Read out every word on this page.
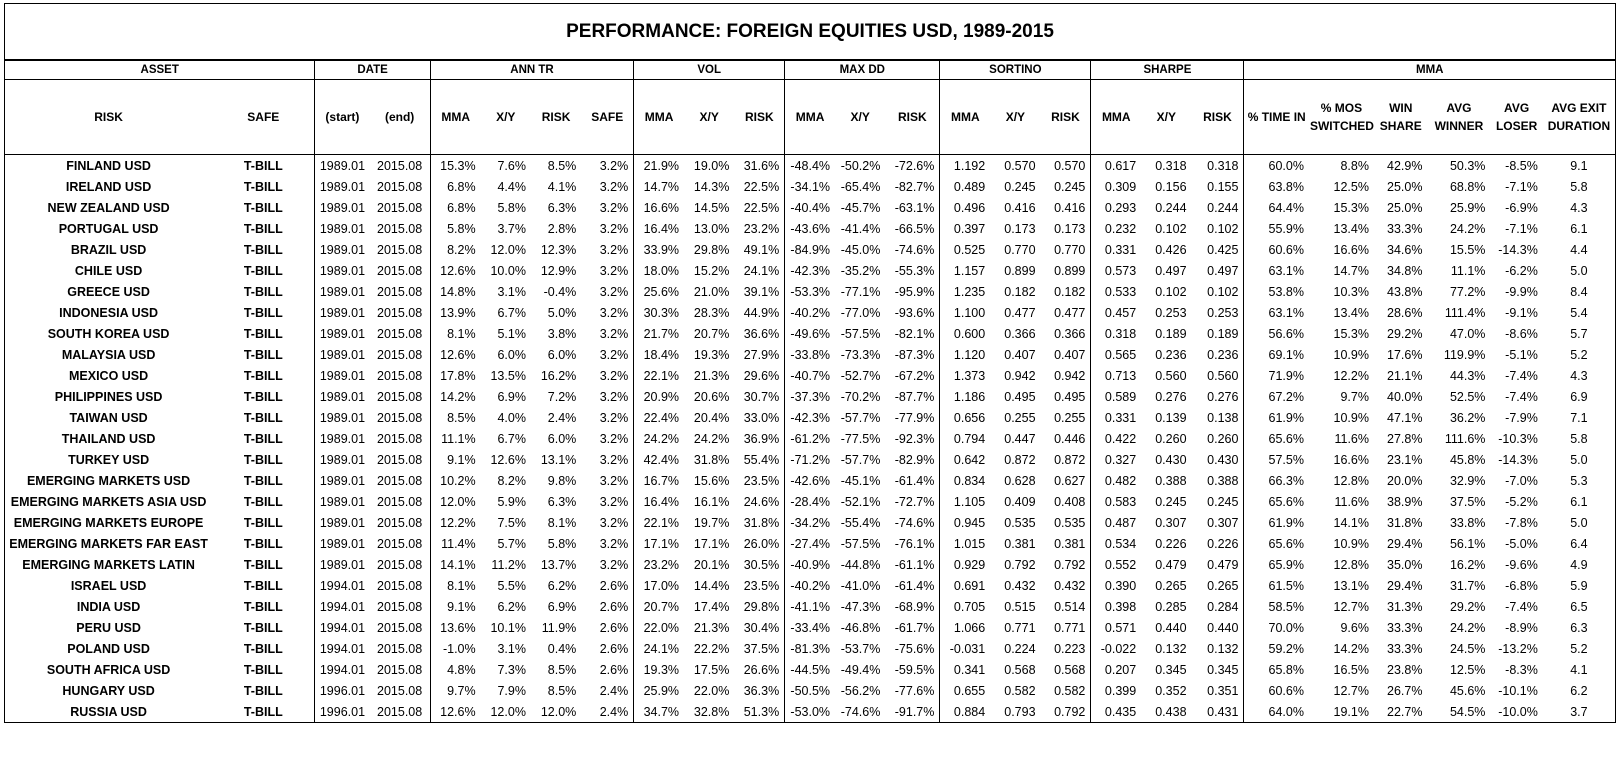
PERFORMANCE: FOREIGN EQUITIES USD, 1989-2015																									
ASSET		DATE		ANN TR				VOL			MAX DD			SORTINO			SHARPE			MMA					
RISK	SAFE	(start)	(end)	MMA	X/Y	RISK	SAFE	MMA	X/Y	RISK	MMA	X/Y	RISK	MMA	X/Y	RISK	MMA	X/Y	RISK	% TIME IN	% MOS SWITCHED	WIN SHARE	AVG WINNER	AVG LOSER	AVG EXIT DURATION
FINLAND USD	T-BILL	1989.01	2015.08	15.3%	7.6%	8.5%	3.2%	21.9%	19.0%	31.6%	-48.4%	-50.2%	-72.6%	1.192	0.570	0.570	0.617	0.318	0.318	60.0%	8.8%	42.9%	50.3%	-8.5%	9.1
IRELAND USD	T-BILL	1989.01	2015.08	6.8%	4.4%	4.1%	3.2%	14.7%	14.3%	22.5%	-34.1%	-65.4%	-82.7%	0.489	0.245	0.245	0.309	0.156	0.155	63.8%	12.5%	25.0%	68.8%	-7.1%	5.8
NEW ZEALAND USD	T-BILL	1989.01	2015.08	6.8%	5.8%	6.3%	3.2%	16.6%	14.5%	22.5%	-40.4%	-45.7%	-63.1%	0.496	0.416	0.416	0.293	0.244	0.244	64.4%	15.3%	25.0%	25.9%	-6.9%	4.3
PORTUGAL USD	T-BILL	1989.01	2015.08	5.8%	3.7%	2.8%	3.2%	16.4%	13.0%	23.2%	-43.6%	-41.4%	-66.5%	0.397	0.173	0.173	0.232	0.102	0.102	55.9%	13.4%	33.3%	24.2%	-7.1%	6.1
BRAZIL USD	T-BILL	1989.01	2015.08	8.2%	12.0%	12.3%	3.2%	33.9%	29.8%	49.1%	-84.9%	-45.0%	-74.6%	0.525	0.770	0.770	0.331	0.426	0.425	60.6%	16.6%	34.6%	15.5%	-14.3%	4.4
CHILE USD	T-BILL	1989.01	2015.08	12.6%	10.0%	12.9%	3.2%	18.0%	15.2%	24.1%	-42.3%	-35.2%	-55.3%	1.157	0.899	0.899	0.573	0.497	0.497	63.1%	14.7%	34.8%	11.1%	-6.2%	5.0
GREECE USD	T-BILL	1989.01	2015.08	14.8%	3.1%	-0.4%	3.2%	25.6%	21.0%	39.1%	-53.3%	-77.1%	-95.9%	1.235	0.182	0.182	0.533	0.102	0.102	53.8%	10.3%	43.8%	77.2%	-9.9%	8.4
INDONESIA USD	T-BILL	1989.01	2015.08	13.9%	6.7%	5.0%	3.2%	30.3%	28.3%	44.9%	-40.2%	-77.0%	-93.6%	1.100	0.477	0.477	0.457	0.253	0.253	63.1%	13.4%	28.6%	111.4%	-9.1%	5.4
SOUTH KOREA USD	T-BILL	1989.01	2015.08	8.1%	5.1%	3.8%	3.2%	21.7%	20.7%	36.6%	-49.6%	-57.5%	-82.1%	0.600	0.366	0.366	0.318	0.189	0.189	56.6%	15.3%	29.2%	47.0%	-8.6%	5.7
MALAYSIA USD	T-BILL	1989.01	2015.08	12.6%	6.0%	6.0%	3.2%	18.4%	19.3%	27.9%	-33.8%	-73.3%	-87.3%	1.120	0.407	0.407	0.565	0.236	0.236	69.1%	10.9%	17.6%	119.9%	-5.1%	5.2
MEXICO USD	T-BILL	1989.01	2015.08	17.8%	13.5%	16.2%	3.2%	22.1%	21.3%	29.6%	-40.7%	-52.7%	-67.2%	1.373	0.942	0.942	0.713	0.560	0.560	71.9%	12.2%	21.1%	44.3%	-7.4%	4.3
PHILIPPINES USD	T-BILL	1989.01	2015.08	14.2%	6.9%	7.2%	3.2%	20.9%	20.6%	30.7%	-37.3%	-70.2%	-87.7%	1.186	0.495	0.495	0.589	0.276	0.276	67.2%	9.7%	40.0%	52.5%	-7.4%	6.9
TAIWAN USD	T-BILL	1989.01	2015.08	8.5%	4.0%	2.4%	3.2%	22.4%	20.4%	33.0%	-42.3%	-57.7%	-77.9%	0.656	0.255	0.255	0.331	0.139	0.138	61.9%	10.9%	47.1%	36.2%	-7.9%	7.1
THAILAND USD	T-BILL	1989.01	2015.08	11.1%	6.7%	6.0%	3.2%	24.2%	24.2%	36.9%	-61.2%	-77.5%	-92.3%	0.794	0.447	0.446	0.422	0.260	0.260	65.6%	11.6%	27.8%	111.6%	-10.3%	5.8
TURKEY USD	T-BILL	1989.01	2015.08	9.1%	12.6%	13.1%	3.2%	42.4%	31.8%	55.4%	-71.2%	-57.7%	-82.9%	0.642	0.872	0.872	0.327	0.430	0.430	57.5%	16.6%	23.1%	45.8%	-14.3%	5.0
EMERGING MARKETS USD	T-BILL	1989.01	2015.08	10.2%	8.2%	9.8%	3.2%	16.7%	15.6%	23.5%	-42.6%	-45.1%	-61.4%	0.834	0.628	0.627	0.482	0.388	0.388	66.3%	12.8%	20.0%	32.9%	-7.0%	5.3
EMERGING MARKETS ASIA USD	T-BILL	1989.01	2015.08	12.0%	5.9%	6.3%	3.2%	16.4%	16.1%	24.6%	-28.4%	-52.1%	-72.7%	1.105	0.409	0.408	0.583	0.245	0.245	65.6%	11.6%	38.9%	37.5%	-5.2%	6.1
EMERGING MARKETS EUROPE	T-BILL	1989.01	2015.08	12.2%	7.5%	8.1%	3.2%	22.1%	19.7%	31.8%	-34.2%	-55.4%	-74.6%	0.945	0.535	0.535	0.487	0.307	0.307	61.9%	14.1%	31.8%	33.8%	-7.8%	5.0
EMERGING MARKETS FAR EAST	T-BILL	1989.01	2015.08	11.4%	5.7%	5.8%	3.2%	17.1%	17.1%	26.0%	-27.4%	-57.5%	-76.1%	1.015	0.381	0.381	0.534	0.226	0.226	65.6%	10.9%	29.4%	56.1%	-5.0%	6.4
EMERGING MARKETS LATIN	T-BILL	1989.01	2015.08	14.1%	11.2%	13.7%	3.2%	23.2%	20.1%	30.5%	-40.9%	-44.8%	-61.1%	0.929	0.792	0.792	0.552	0.479	0.479	65.9%	12.8%	35.0%	16.2%	-9.6%	4.9
ISRAEL USD	T-BILL	1994.01	2015.08	8.1%	5.5%	6.2%	2.6%	17.0%	14.4%	23.5%	-40.2%	-41.0%	-61.4%	0.691	0.432	0.432	0.390	0.265	0.265	61.5%	13.1%	29.4%	31.7%	-6.8%	5.9
INDIA USD	T-BILL	1994.01	2015.08	9.1%	6.2%	6.9%	2.6%	20.7%	17.4%	29.8%	-41.1%	-47.3%	-68.9%	0.705	0.515	0.514	0.398	0.285	0.284	58.5%	12.7%	31.3%	29.2%	-7.4%	6.5
PERU USD	T-BILL	1994.01	2015.08	13.6%	10.1%	11.9%	2.6%	22.0%	21.3%	30.4%	-33.4%	-46.8%	-61.7%	1.066	0.771	0.771	0.571	0.440	0.440	70.0%	9.6%	33.3%	24.2%	-8.9%	6.3
POLAND USD	T-BILL	1994.01	2015.08	-1.0%	3.1%	0.4%	2.6%	24.1%	22.2%	37.5%	-81.3%	-53.7%	-75.6%	-0.031	0.224	0.223	-0.022	0.132	0.132	59.2%	14.2%	33.3%	24.5%	-13.2%	5.2
SOUTH AFRICA USD	T-BILL	1994.01	2015.08	4.8%	7.3%	8.5%	2.6%	19.3%	17.5%	26.6%	-44.5%	-49.4%	-59.5%	0.341	0.568	0.568	0.207	0.345	0.345	65.8%	16.5%	23.8%	12.5%	-8.3%	4.1
HUNGARY USD	T-BILL	1996.01	2015.08	9.7%	7.9%	8.5%	2.4%	25.9%	22.0%	36.3%	-50.5%	-56.2%	-77.6%	0.655	0.582	0.582	0.399	0.352	0.351	60.6%	12.7%	26.7%	45.6%	-10.1%	6.2
RUSSIA USD	T-BILL	1996.01	2015.08	12.6%	12.0%	12.0%	2.4%	34.7%	32.8%	51.3%	-53.0%	-74.6%	-91.7%	0.884	0.793	0.792	0.435	0.438	0.431	64.0%	19.1%	22.7%	54.5%	-10.0%	3.7
